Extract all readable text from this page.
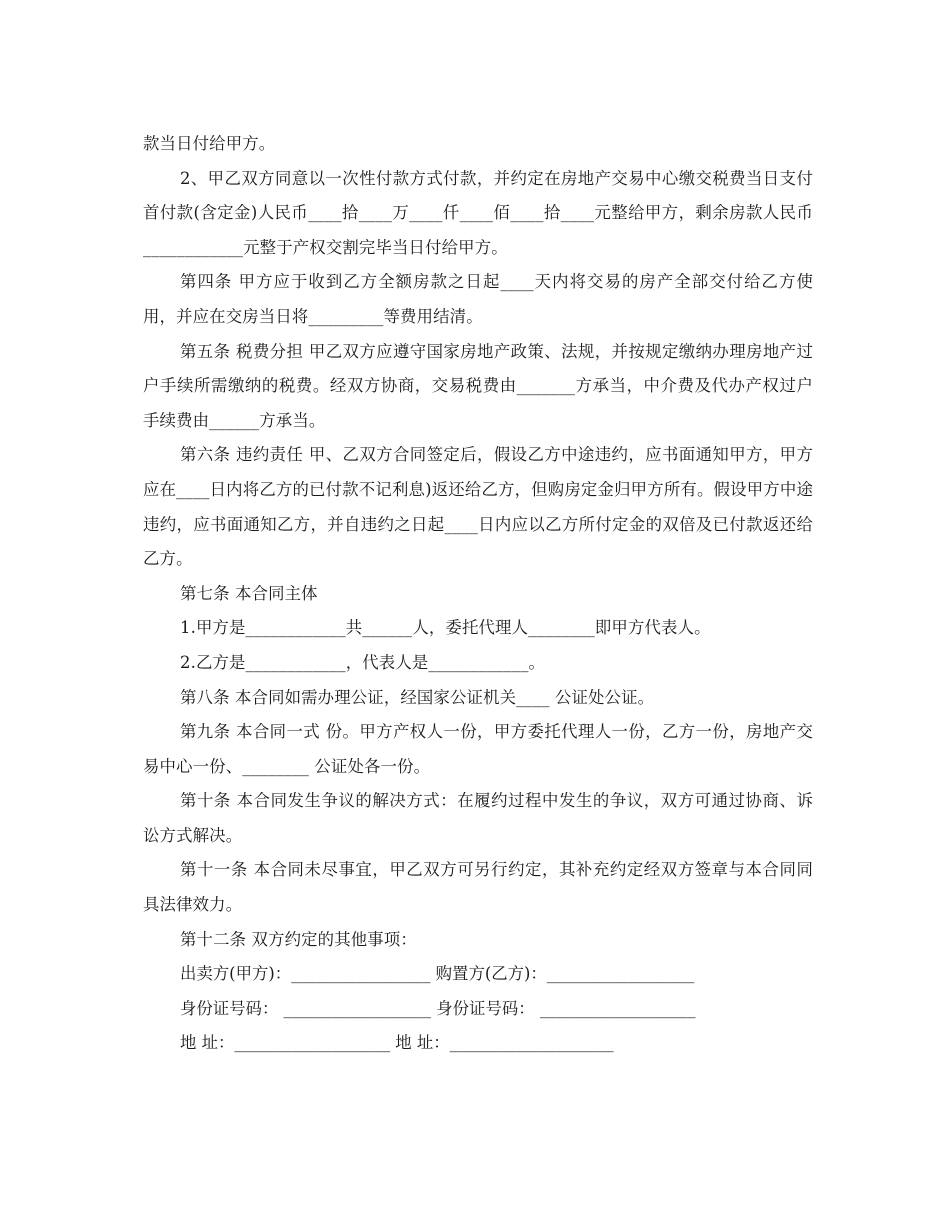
款当日付给甲方。

2、甲乙双方同意以一次性付款方式付款，并约定在房地产交易中心缴交税费当日支付首付款(含定金)人民币____拾____万____仟____佰____拾____元整给甲方，剩余房款人民币____________元整于产权交割完毕当日付给甲方。

第四条 甲方应于收到乙方全额房款之日起____天内将交易的房产全部交付给乙方使用，并应在交房当日将_________等费用结清。

第五条 税费分担 甲乙双方应遵守国家房地产政策、法规，并按规定缴纳办理房地产过户手续所需缴纳的税费。经双方协商，交易税费由_______方承当，中介费及代办产权过户手续费由______方承当。

第六条 违约责任 甲、乙双方合同签定后，假设乙方中途违约，应书面通知甲方，甲方应在____日内将乙方的已付款不记利息)返还给乙方，但购房定金归甲方所有。假设甲方中途违约，应书面通知乙方，并自违约之日起____日内应以乙方所付定金的双倍及已付款返还给乙方。

第七条 本合同主体

1.甲方是____________共______人，委托代理人________即甲方代表人。

2.乙方是____________，代表人是____________。

第八条 本合同如需办理公证，经国家公证机关____ 公证处公证。

第九条 本合同一式 份。甲方产权人一份，甲方委托代理人一份，乙方一份，房地产交易中心一份、________ 公证处各一份。

第十条 本合同发生争议的解决方式：在履约过程中发生的争议，双方可通过协商、诉讼方式解决。

第十一条 本合同未尽事宜，甲乙双方可另行约定，其补充约定经双方签章与本合同同具法律效力。

第十二条 双方约定的其他事项：

出卖方(甲方)：_________________ 购置方(乙方)：__________________

身份证号码： __________________ 身份证号码： ___________________

地 址：___________________ 地 址：____________________
